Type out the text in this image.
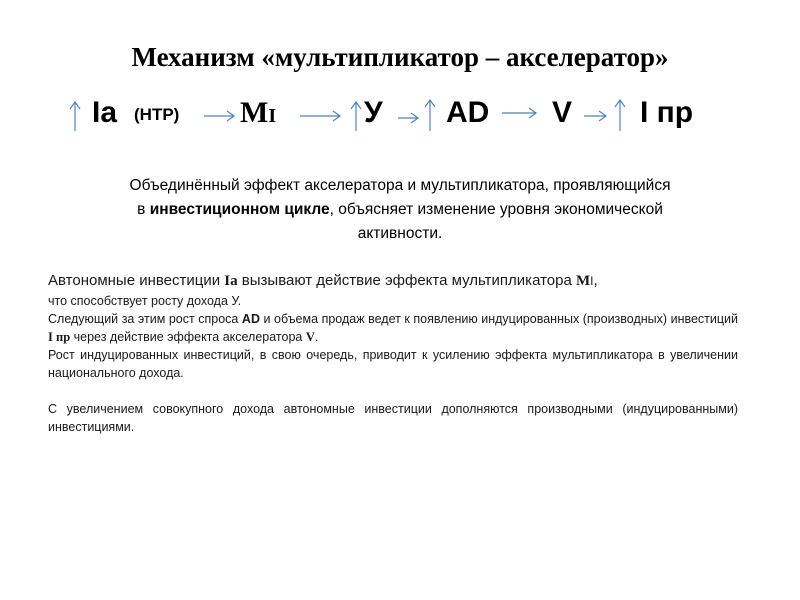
Механизм «мультипликатор – акселератор»
Ia (НТР) MI	У AD V I пр
Объединённый эффект акселератора и мультипликатора, проявляющийся
в инвестиционном цикле, объясняет изменение уровня экономической
активности.

Автономные инвестиции Ia вызывают действие эффекта мультипликатора MI,

что способствует росту дохода У.

Следующий за этим рост спроса AD и объема продаж ведет к появлению индуцированных (производных) инвестиций I пр через действие эффекта акселератора V.

Рост индуцированных инвестиций, в свою очередь, приводит к усилению эффекта мультипликатора в увеличении национального дохода.

С увеличением совокупного дохода автономные инвестиции дополняются производными (индуцированными) инвестициями.
